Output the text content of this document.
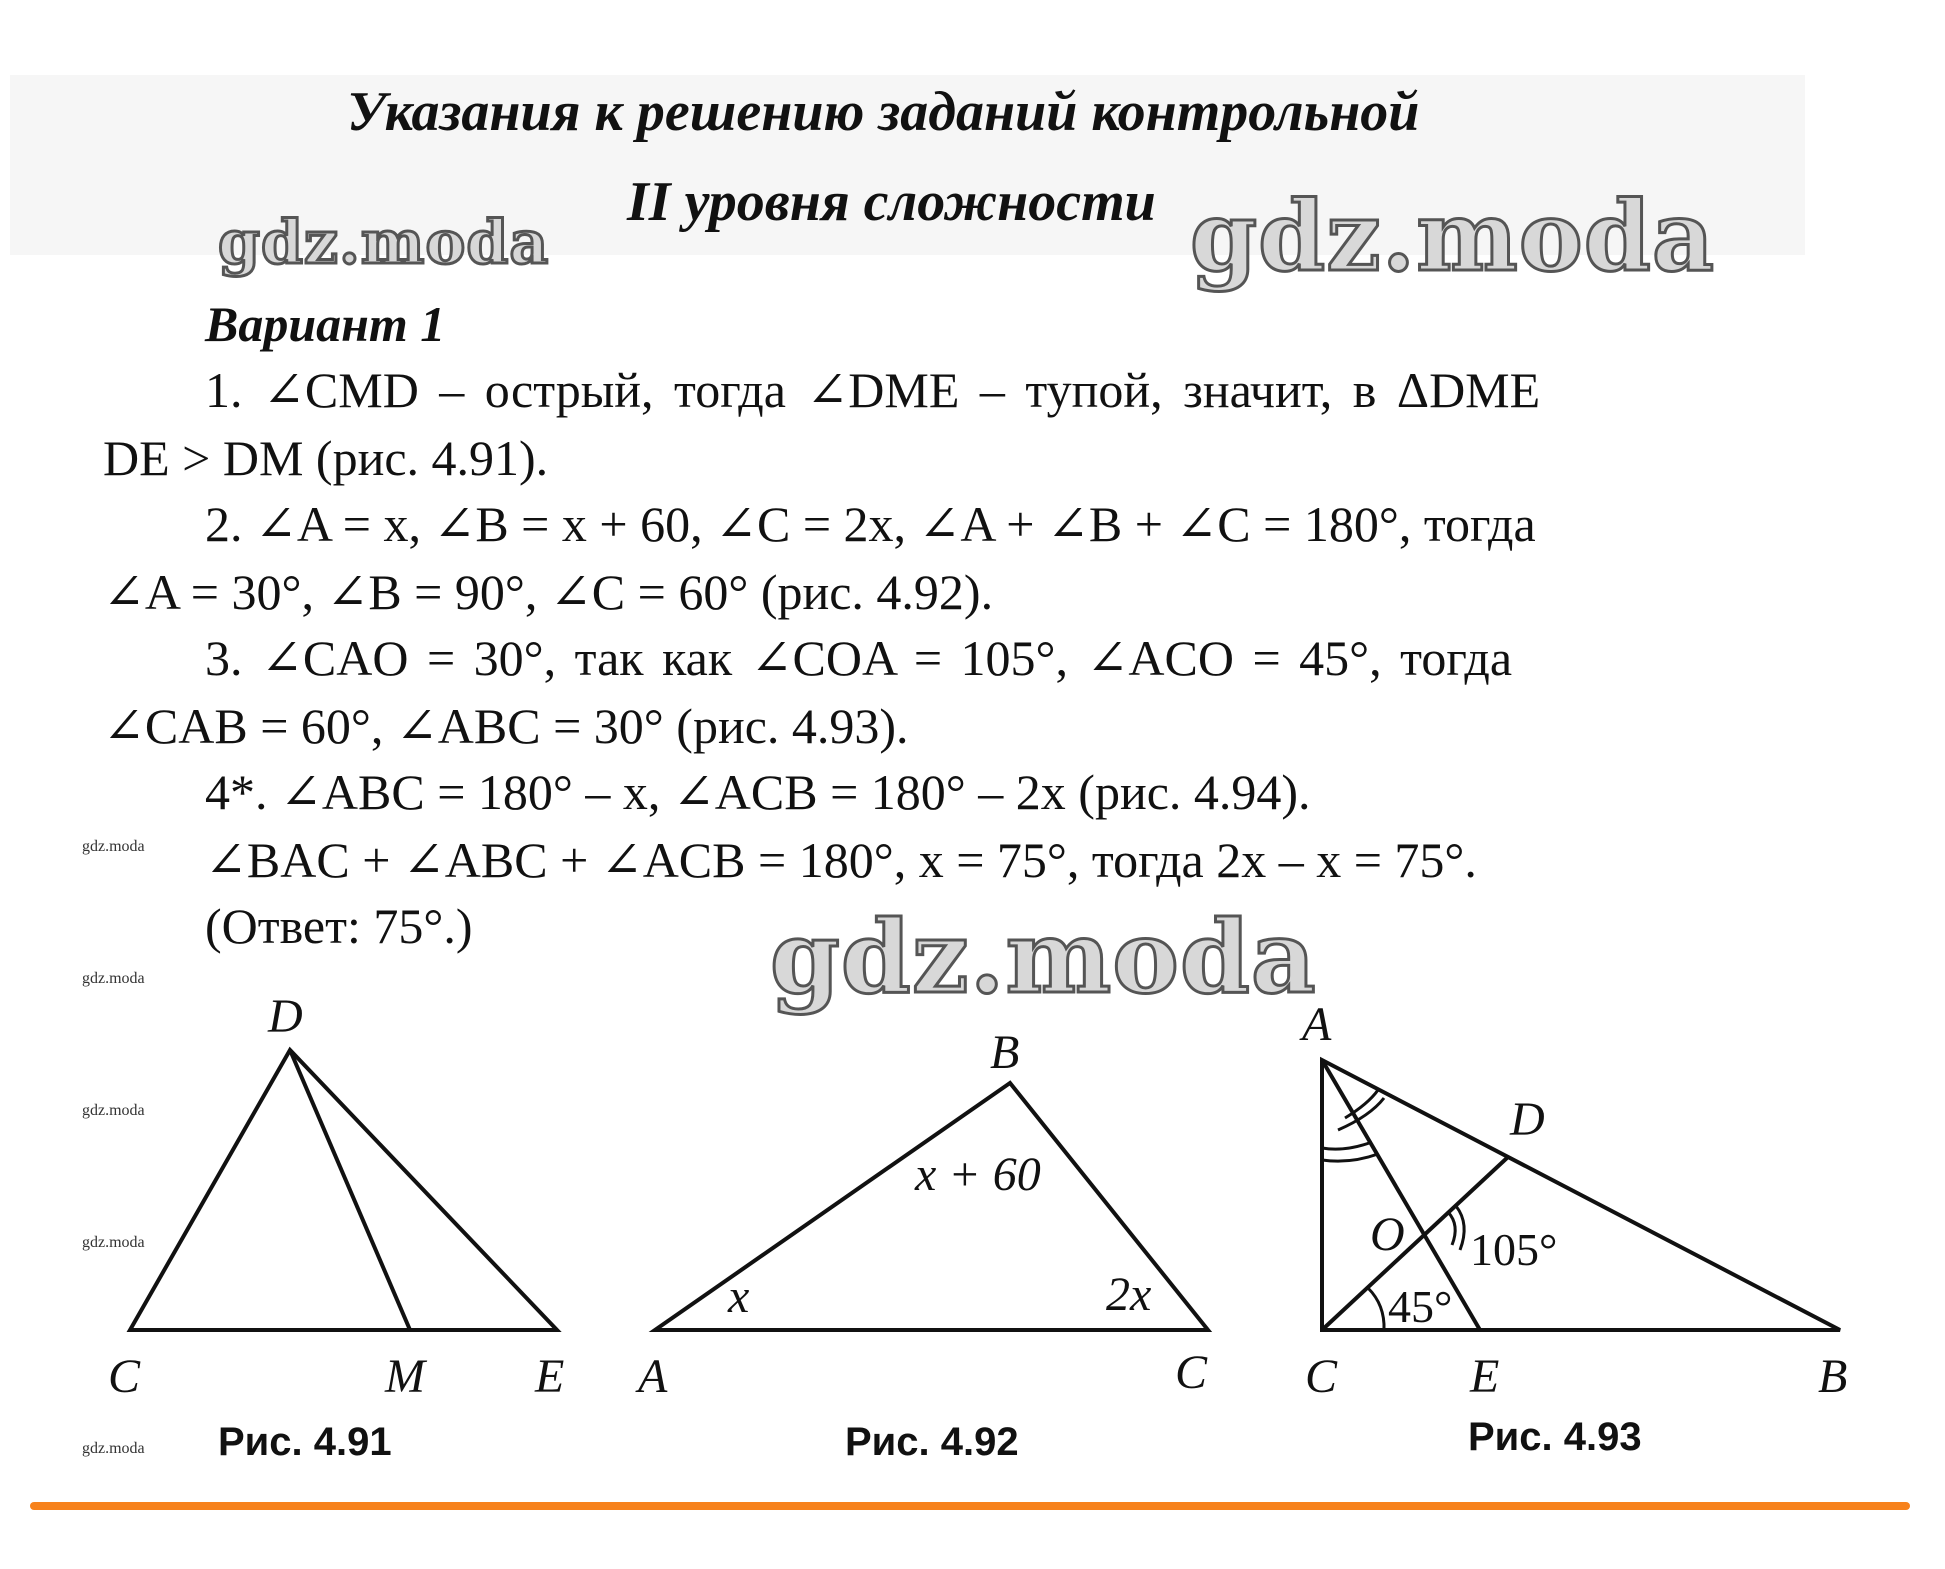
Указания к решению заданий контрольной
II уровня сложности
gdz.moda	gdz.moda
gdz.moda
gdz.moda
gdz.moda
gdz.moda
gdz.moda
gdz.moda
Вариант 1
1. ∠CMD – острый, тогда ∠DME – тупой, значит, в ΔDME
DE > DM (рис. 4.91).
2. ∠A = x, ∠B = x + 60, ∠C = 2x, ∠A + ∠B + ∠C = 180°, тогда
∠A = 30°, ∠B = 90°, ∠C = 60° (рис. 4.92).
3. ∠CAO = 30°, так как ∠COA = 105°, ∠ACO = 45°, тогда
∠CAB = 60°, ∠ABC = 30° (рис. 4.93).
4*. ∠ABC = 180° – x, ∠ACB = 180° – 2x (рис. 4.94).
∠BAC + ∠ABC + ∠ACB = 180°, x = 75°, тогда 2x – x = 75°.
(Ответ: 75°.)
D
C	M E
B
A	C
x + 60
x	2x
A
D
O
C	E	B
105°
45°
Рис. 4.91	Рис. 4.92	Рис. 4.93
